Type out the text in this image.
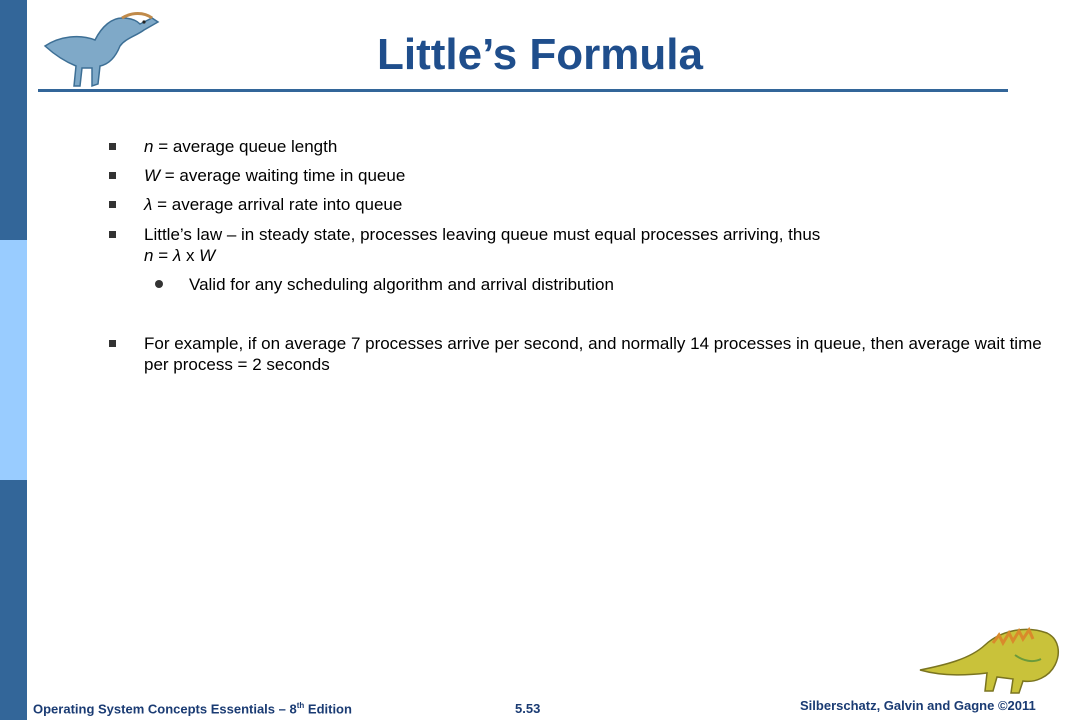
Little’s Formula
n = average queue length
W = average waiting time in queue
λ = average arrival rate into queue
Little’s law – in steady state, processes leaving queue must equal processes arriving, thus
n = λ x W
Valid for any scheduling algorithm and arrival distribution
For example, if on average 7 processes arrive per second, and normally 14 processes in queue, then average wait time per process = 2 seconds
Operating System Concepts Essentials – 8th Edition	5.53	Silberschatz, Galvin and Gagne ©2011
